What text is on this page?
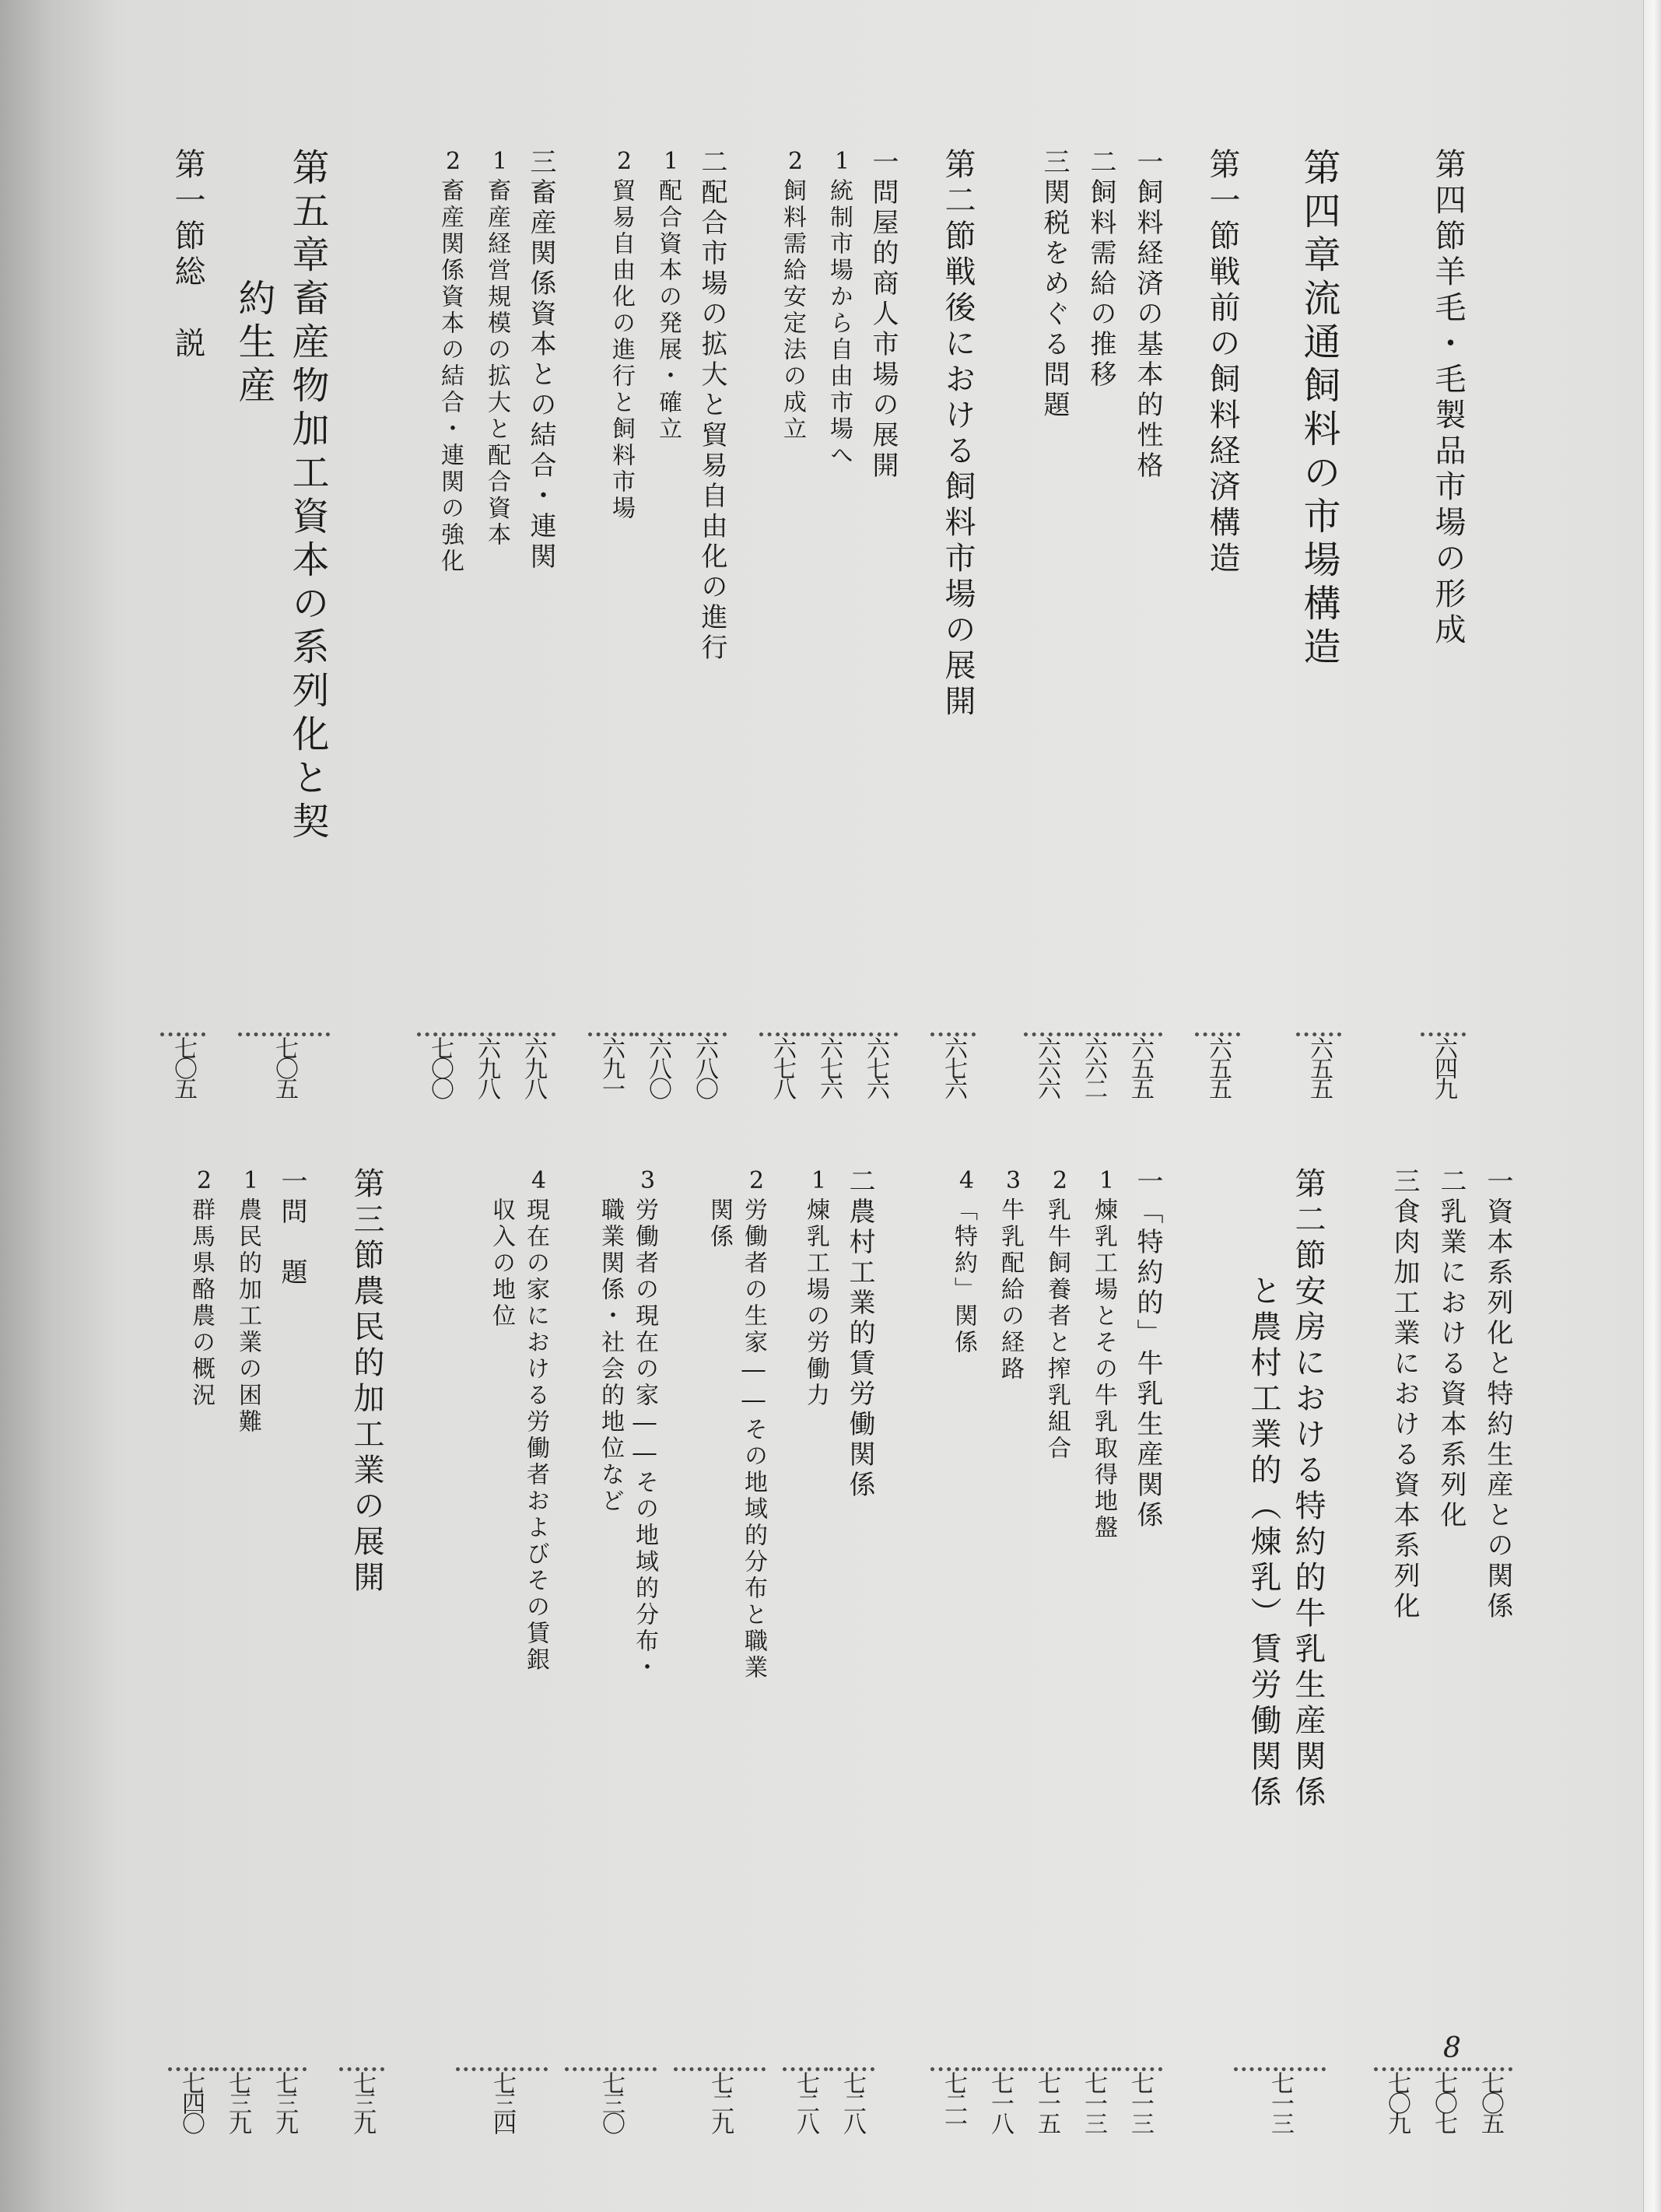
第四節
羊毛・毛製品市場の形成
六四九
第四章
流通飼料の市場構造
六五五
第一節
戦前の飼料経済構造
六五五
一
飼料経済の基本的性格
六五五
二
飼料需給の推移
六六二
三
関税をめぐる問題
六六六
第二節
戦後における飼料市場の展開
六七六
一
問屋的商人市場の展開
六七六
1
統制市場から自由市場へ
六七六
2
飼料需給安定法の成立
六七八
二
配合市場の拡大と貿易自由化の進行
六八〇
1
配合資本の発展・確立
六八〇
2
貿易自由化の進行と飼料市場
六九一
三
畜産関係資本との結合・連関
六九八
1
畜産経営規模の拡大と配合資本
六九八
2
畜産関係資本の結合・連関の強化
七〇〇
第五章
畜産物加工資本の系列化と契
約生産
七〇五
第一節
総　説
七〇五
一
資本系列化と特約生産との関係
七〇五
二
乳業における資本系列化
七〇七
三
食肉加工業における資本系列化
七〇九
第二節
安房における特約的牛乳生産関係
と農村工業的（煉乳）賃労働関係
七一三
一
「特約的」牛乳生産関係
七一三
1
煉乳工場とその牛乳取得地盤
七一三
2
乳牛飼養者と搾乳組合
七一五
3
牛乳配給の経路
七一八
4
「特約」関係
七二一
二
農村工業的賃労働関係
七二八
1
煉乳工場の労働力
七二八
2
労働者の生家――その地域的分布と職業
関係
七二九
3
労働者の現在の家――その地域的分布・
職業関係・社会的地位など
七三〇
4
現在の家における労働者およびその賃銀
収入の地位
七三四
第三節
農民的加工業の展開
七三九
一
問　題
七三九
1
農民的加工業の困難
七三九
2
群馬県酪農の概況
七四〇
8
